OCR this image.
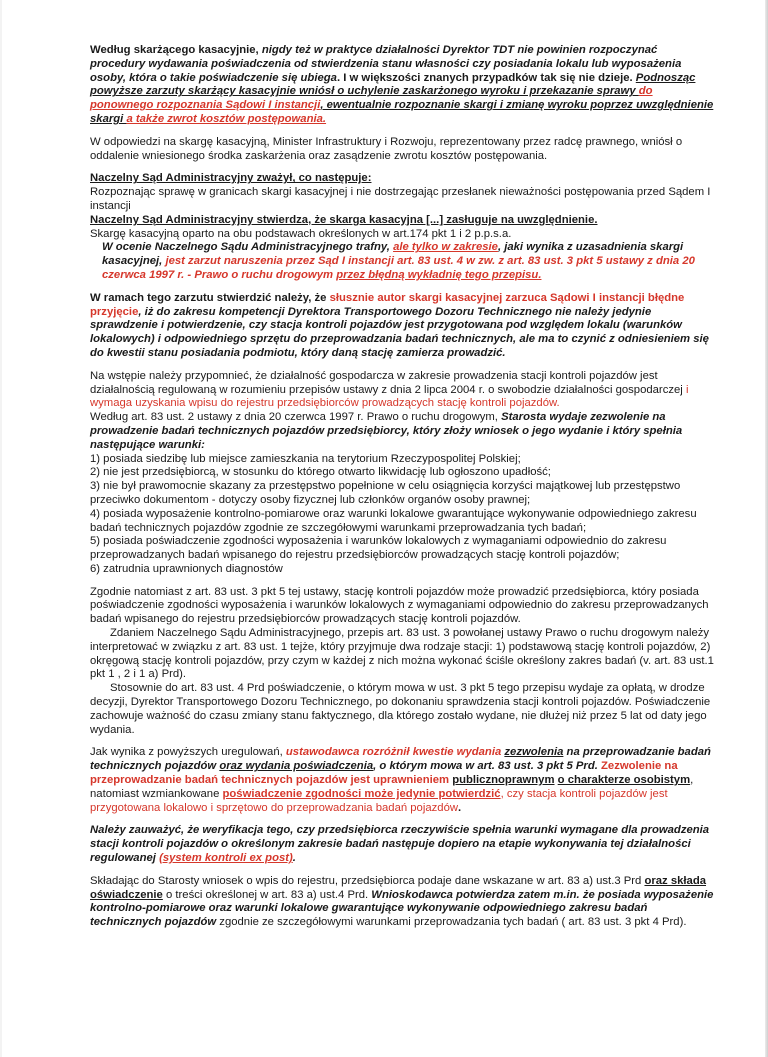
Według skarżącego kasacyjnie, nigdy też w praktyce działalności Dyrektor TDT nie powinien rozpoczynać procedury wydawania poświadczenia od stwierdzenia stanu własności czy posiadania lokalu lub wyposażenia osoby, która o takie poświadczenie się ubiega. I w większości znanych przypadków tak się nie dzieje. Podnosząc powyższe zarzuty skarżący kasacyjnie wniósł o uchylenie zaskarżonego wyroku i przekazanie sprawy do ponownego rozpoznania Sądowi I instancji, ewentualnie rozpoznanie skargi i zmianę wyroku poprzez uwzględnienie skargi a także zwrot kosztów postępowania.

W odpowiedzi na skargę kasacyjną, Minister Infrastruktury i Rozwoju, reprezentowany przez radcę prawnego, wniósł o oddalenie wniesionego środka zaskarżenia oraz zasądzenie zwrotu kosztów postępowania.

Naczelny Sąd Administracyjny zważył, co następuje:

Rozpoznając sprawę w granicach skargi kasacyjnej i nie dostrzegając przesłanek nieważności postępowania przed Sądem I instancji

Naczelny Sąd Administracyjny stwierdza, że skarga kasacyjna [...] zasługuje na uwzględnienie.

Skargę kasacyjną oparto na obu podstawach określonych w art.174 pkt 1 i 2 p.p.s.a.

W ocenie Naczelnego Sądu Administracyjnego trafny, ale tylko w zakresie, jaki wynika z uzasadnienia skargi kasacyjnej, jest zarzut naruszenia przez Sąd I instancji art. 83 ust. 4 w zw. z art. 83 ust. 3 pkt 5 ustawy z dnia 20 czerwca 1997 r. - Prawo o ruchu drogowym przez błędną wykładnię tego przepisu.

W ramach tego zarzutu stwierdzić należy, że słusznie autor skargi kasacyjnej zarzuca Sądowi I instancji błędne przyjęcie, iż do zakresu kompetencji Dyrektora Transportowego Dozoru Technicznego nie należy jedynie sprawdzenie i potwierdzenie, czy stacja kontroli pojazdów jest przygotowana pod względem lokalu (warunków lokalowych) i odpowiedniego sprzętu do przeprowadzania badań technicznych, ale ma to czynić z odniesieniem się do kwestii stanu posiadania podmiotu, który daną stację zamierza prowadzić.

Na wstępie należy przypomnieć, że działalność gospodarcza w zakresie prowadzenia stacji kontroli pojazdów jest działalnością regulowaną w rozumieniu przepisów ustawy z dnia 2 lipca 2004 r. o swobodzie działalności gospodarczej i wymaga uzyskania wpisu do rejestru przedsiębiorców prowadzących stację kontroli pojazdów.

Według art. 83 ust. 2 ustawy z dnia 20 czerwca 1997 r. Prawo o ruchu drogowym, Starosta wydaje zezwolenie na prowadzenie badań technicznych pojazdów przedsiębiorcy, który złoży wniosek o jego wydanie i który spełnia następujące warunki:

1) posiada siedzibę lub miejsce zamieszkania na terytorium Rzeczypospolitej Polskiej;

2) nie jest przedsiębiorcą, w stosunku do którego otwarto likwidację lub ogłoszono upadłość;

3) nie był prawomocnie skazany za przestępstwo popełnione w celu osiągnięcia korzyści majątkowej lub przestępstwo przeciwko dokumentom - dotyczy osoby fizycznej lub członków organów osoby prawnej;

4) posiada wyposażenie kontrolno-pomiarowe oraz warunki lokalowe gwarantujące wykonywanie odpowiedniego zakresu badań technicznych pojazdów zgodnie ze szczegółowymi warunkami przeprowadzania tych badań;

5) posiada poświadczenie zgodności wyposażenia i warunków lokalowych z wymaganiami odpowiednio do zakresu przeprowadzanych badań wpisanego do rejestru przedsiębiorców prowadzących stację kontroli pojazdów;

6) zatrudnia uprawnionych diagnostów

Zgodnie natomiast z art. 83 ust. 3 pkt 5 tej ustawy, stację kontroli pojazdów może prowadzić przedsiębiorca, który posiada poświadczenie zgodności wyposażenia i warunków lokalowych z wymaganiami odpowiednio do zakresu przeprowadzanych badań wpisanego do rejestru przedsiębiorców prowadzących stację kontroli pojazdów.

Zdaniem Naczelnego Sądu Administracyjnego, przepis art. 83 ust. 3 powołanej ustawy Prawo o ruchu drogowym należy interpretować w związku z art. 83 ust. 1 tejże, który przyjmuje dwa rodzaje stacji: 1) podstawową stację kontroli pojazdów, 2) okręgową stację kontroli pojazdów, przy czym w każdej z nich można wykonać ściśle określony zakres badań (v. art. 83 ust.1 pkt 1 , 2 i 1 a) Prd).

Stosownie do art. 83 ust. 4 Prd poświadczenie, o którym mowa w ust. 3 pkt 5 tego przepisu wydaje za opłatą, w drodze decyzji, Dyrektor Transportowego Dozoru Technicznego, po dokonaniu sprawdzenia stacji kontroli pojazdów. Poświadczenie zachowuje ważność do czasu zmiany stanu faktycznego, dla którego zostało wydane, nie dłużej niż przez 5 lat od daty jego wydania.

Jak wynika z powyższych uregulowań, ustawodawca rozróżnił kwestie wydania zezwolenia na przeprowadzanie badań technicznych pojazdów oraz wydania poświadczenia, o którym mowa w art. 83 ust. 3 pkt 5 Prd. Zezwolenie na przeprowadzanie badań technicznych pojazdów jest uprawnieniem publicznoprawnym o charakterze osobistym, natomiast wzmiankowane poświadczenie zgodności może jedynie potwierdzić, czy stacja kontroli pojazdów jest przygotowana lokalowo i sprzętowo do przeprowadzania badań pojazdów.

Należy zauważyć, że weryfikacja tego, czy przedsiębiorca rzeczywiście spełnia warunki wymagane dla prowadzenia stacji kontroli pojazdów o określonym zakresie badań następuje dopiero na etapie wykonywania tej działalności regulowanej (system kontroli ex post).

Składając do Starosty wniosek o wpis do rejestru, przedsiębiorca podaje dane wskazane w art. 83 a) ust.3 Prd oraz składa oświadczenie o treści określonej w art. 83 a) ust.4 Prd. Wnioskodawca potwierdza zatem m.in. że posiada wyposażenie kontrolno-pomiarowe oraz warunki lokalowe gwarantujące wykonywanie odpowiedniego zakresu badań technicznych pojazdów zgodnie ze szczegółowymi warunkami przeprowadzania tych badań ( art. 83 ust. 3 pkt 4 Prd).
